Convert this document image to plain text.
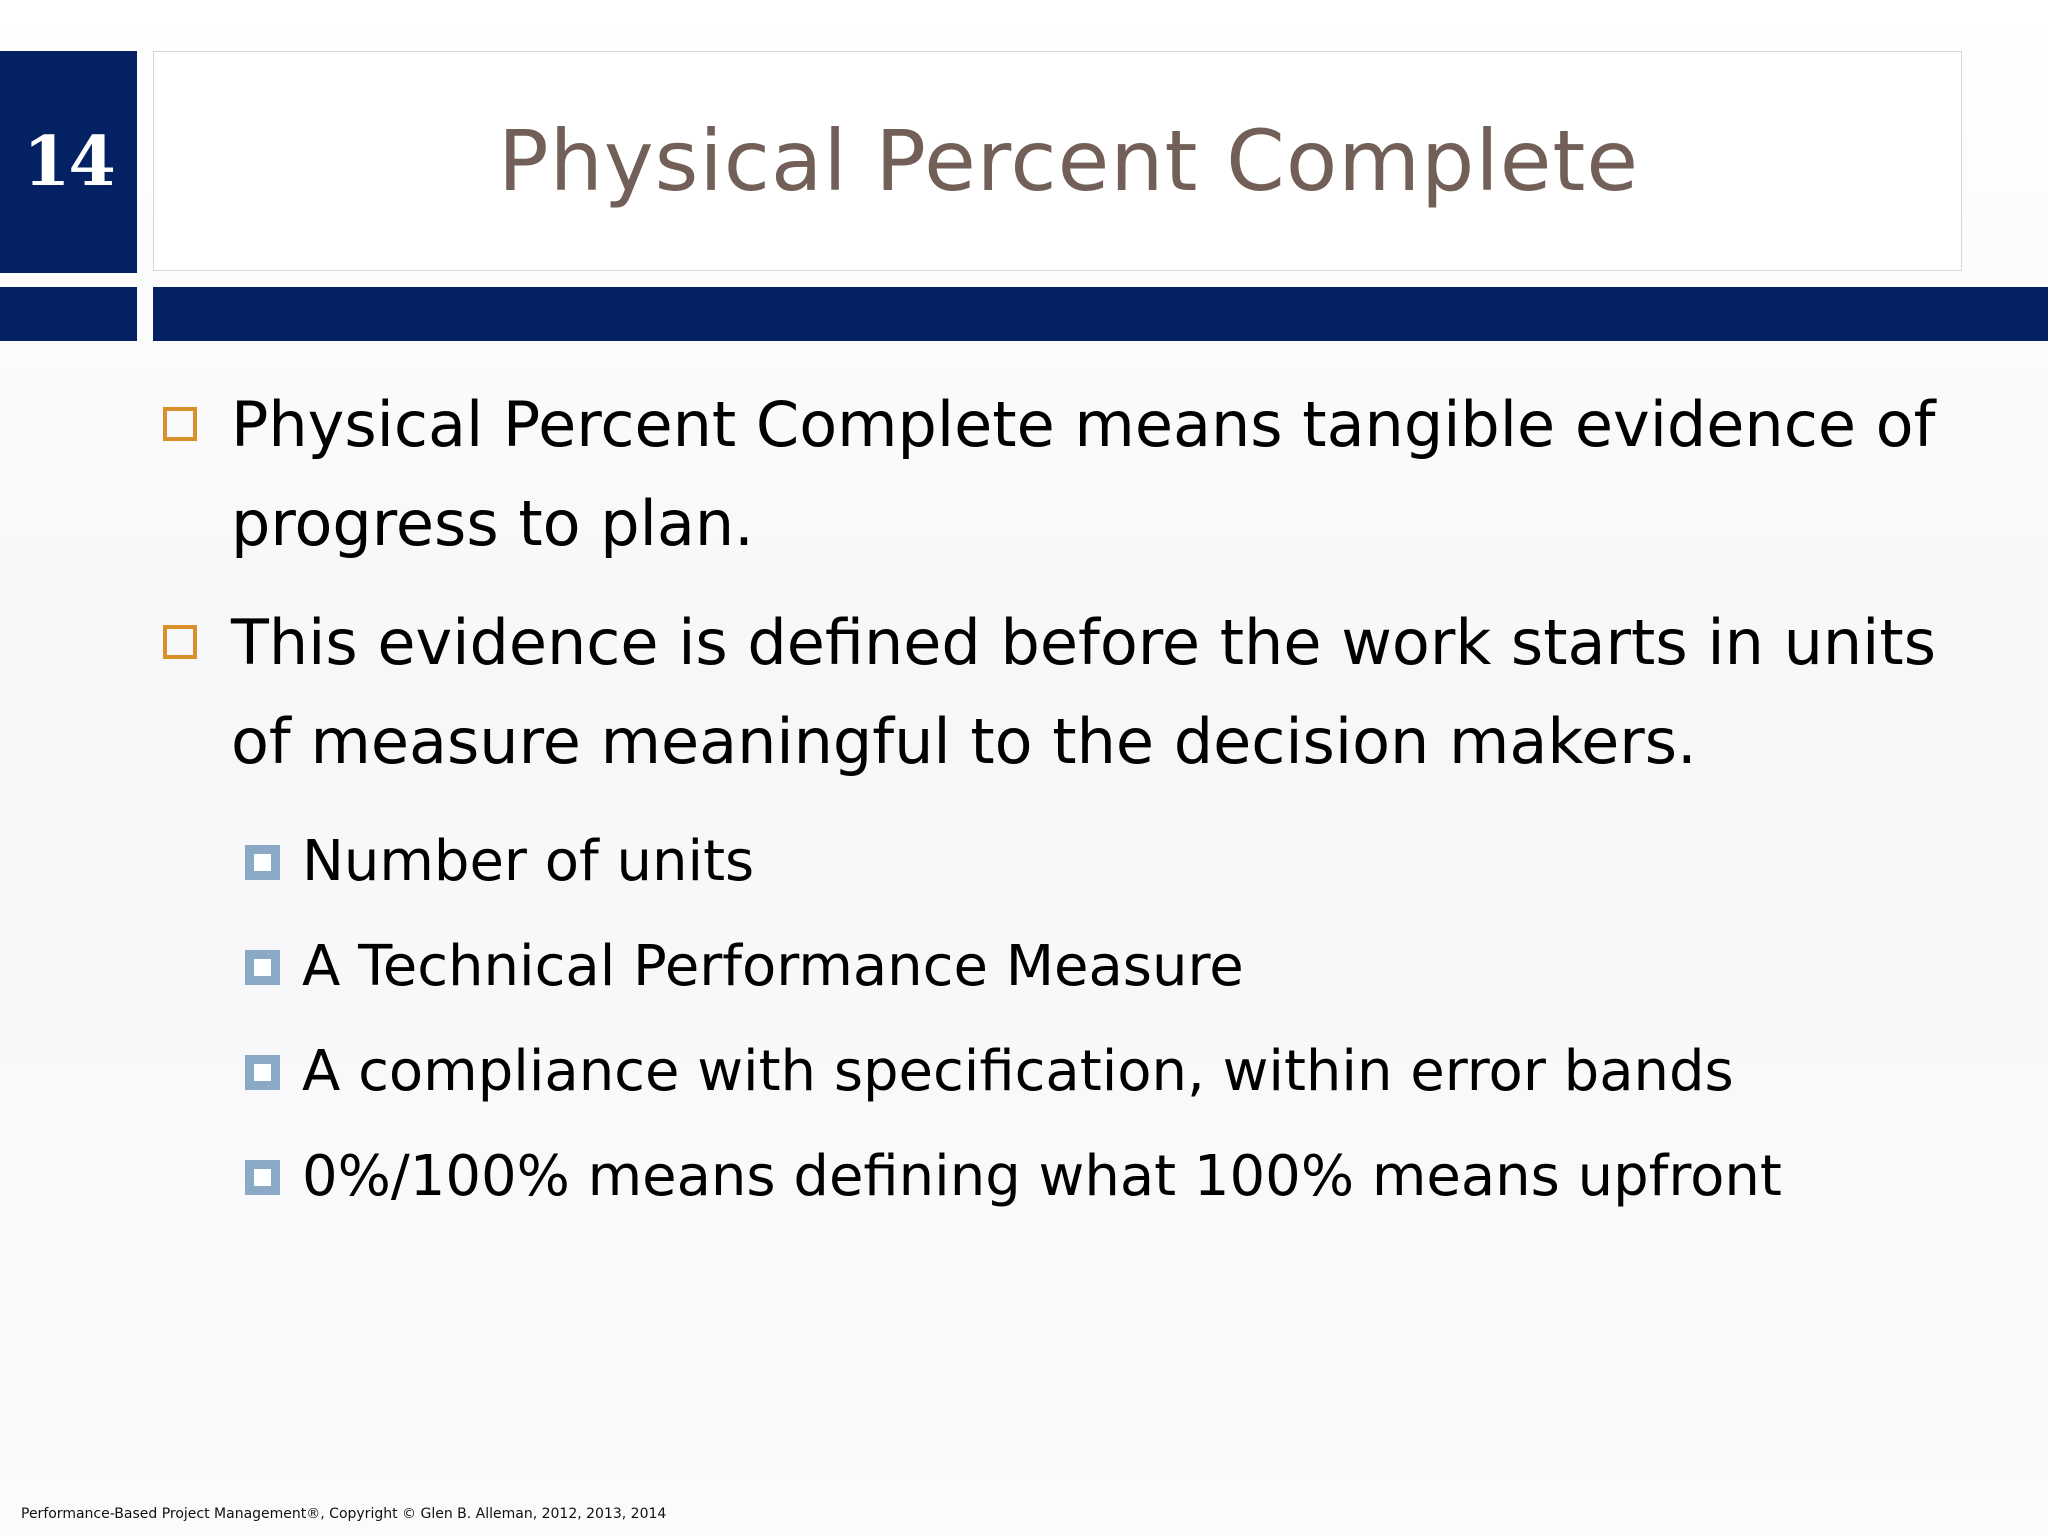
14	Physical Percent Complete
Physical Percent Complete means tangible evidence of progress to plan.
This evidence is defined before the work starts in units of measure meaningful to the decision makers.
Number of units
A Technical Performance Measure
A compliance with specification, within error bands
0%/100% means defining what 100% means upfront
Performance-Based Project Management®, Copyright © Glen B. Alleman, 2012, 2013, 2014
